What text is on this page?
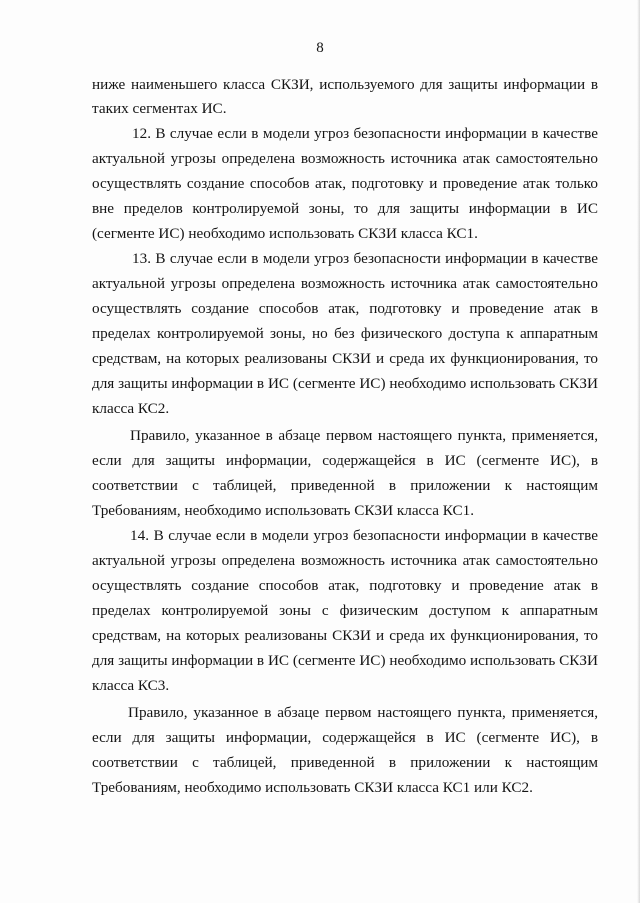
8
ниже наименьшего класса СКЗИ, используемого для защиты информации в
таких сегментах ИС.
12. В случае если в модели угроз безопасности информации в качестве
актуальной угрозы определена возможность источника атак самостоятельно
осуществлять создание способов атак, подготовку и проведение атак только
вне пределов контролируемой зоны, то для защиты информации в ИС
(сегменте ИС) необходимо использовать СКЗИ класса КС1.
13. В случае если в модели угроз безопасности информации в качестве
актуальной угрозы определена возможность источника атак самостоятельно
осуществлять создание способов атак, подготовку и проведение атак в
пределах контролируемой зоны, но без физического доступа к аппаратным
средствам, на которых реализованы СКЗИ и среда их функционирования, то
для защиты информации в ИС (сегменте ИС) необходимо использовать СКЗИ
класса КС2.
Правило, указанное в абзаце первом настоящего пункта, применяется,
если для защиты информации, содержащейся в ИС (сегменте ИС), в
соответствии с таблицей, приведенной в приложении к настоящим
Требованиям, необходимо использовать СКЗИ класса КС1.
14. В случае если в модели угроз безопасности информации в качестве
актуальной угрозы определена возможность источника атак самостоятельно
осуществлять создание способов атак, подготовку и проведение атак в
пределах контролируемой зоны с физическим доступом к аппаратным
средствам, на которых реализованы СКЗИ и среда их функционирования, то
для защиты информации в ИС (сегменте ИС) необходимо использовать СКЗИ
класса КС3.
Правило, указанное в абзаце первом настоящего пункта, применяется,
если для защиты информации, содержащейся в ИС (сегменте ИС), в
соответствии с таблицей, приведенной в приложении к настоящим
Требованиям, необходимо использовать СКЗИ класса КС1 или КС2.
